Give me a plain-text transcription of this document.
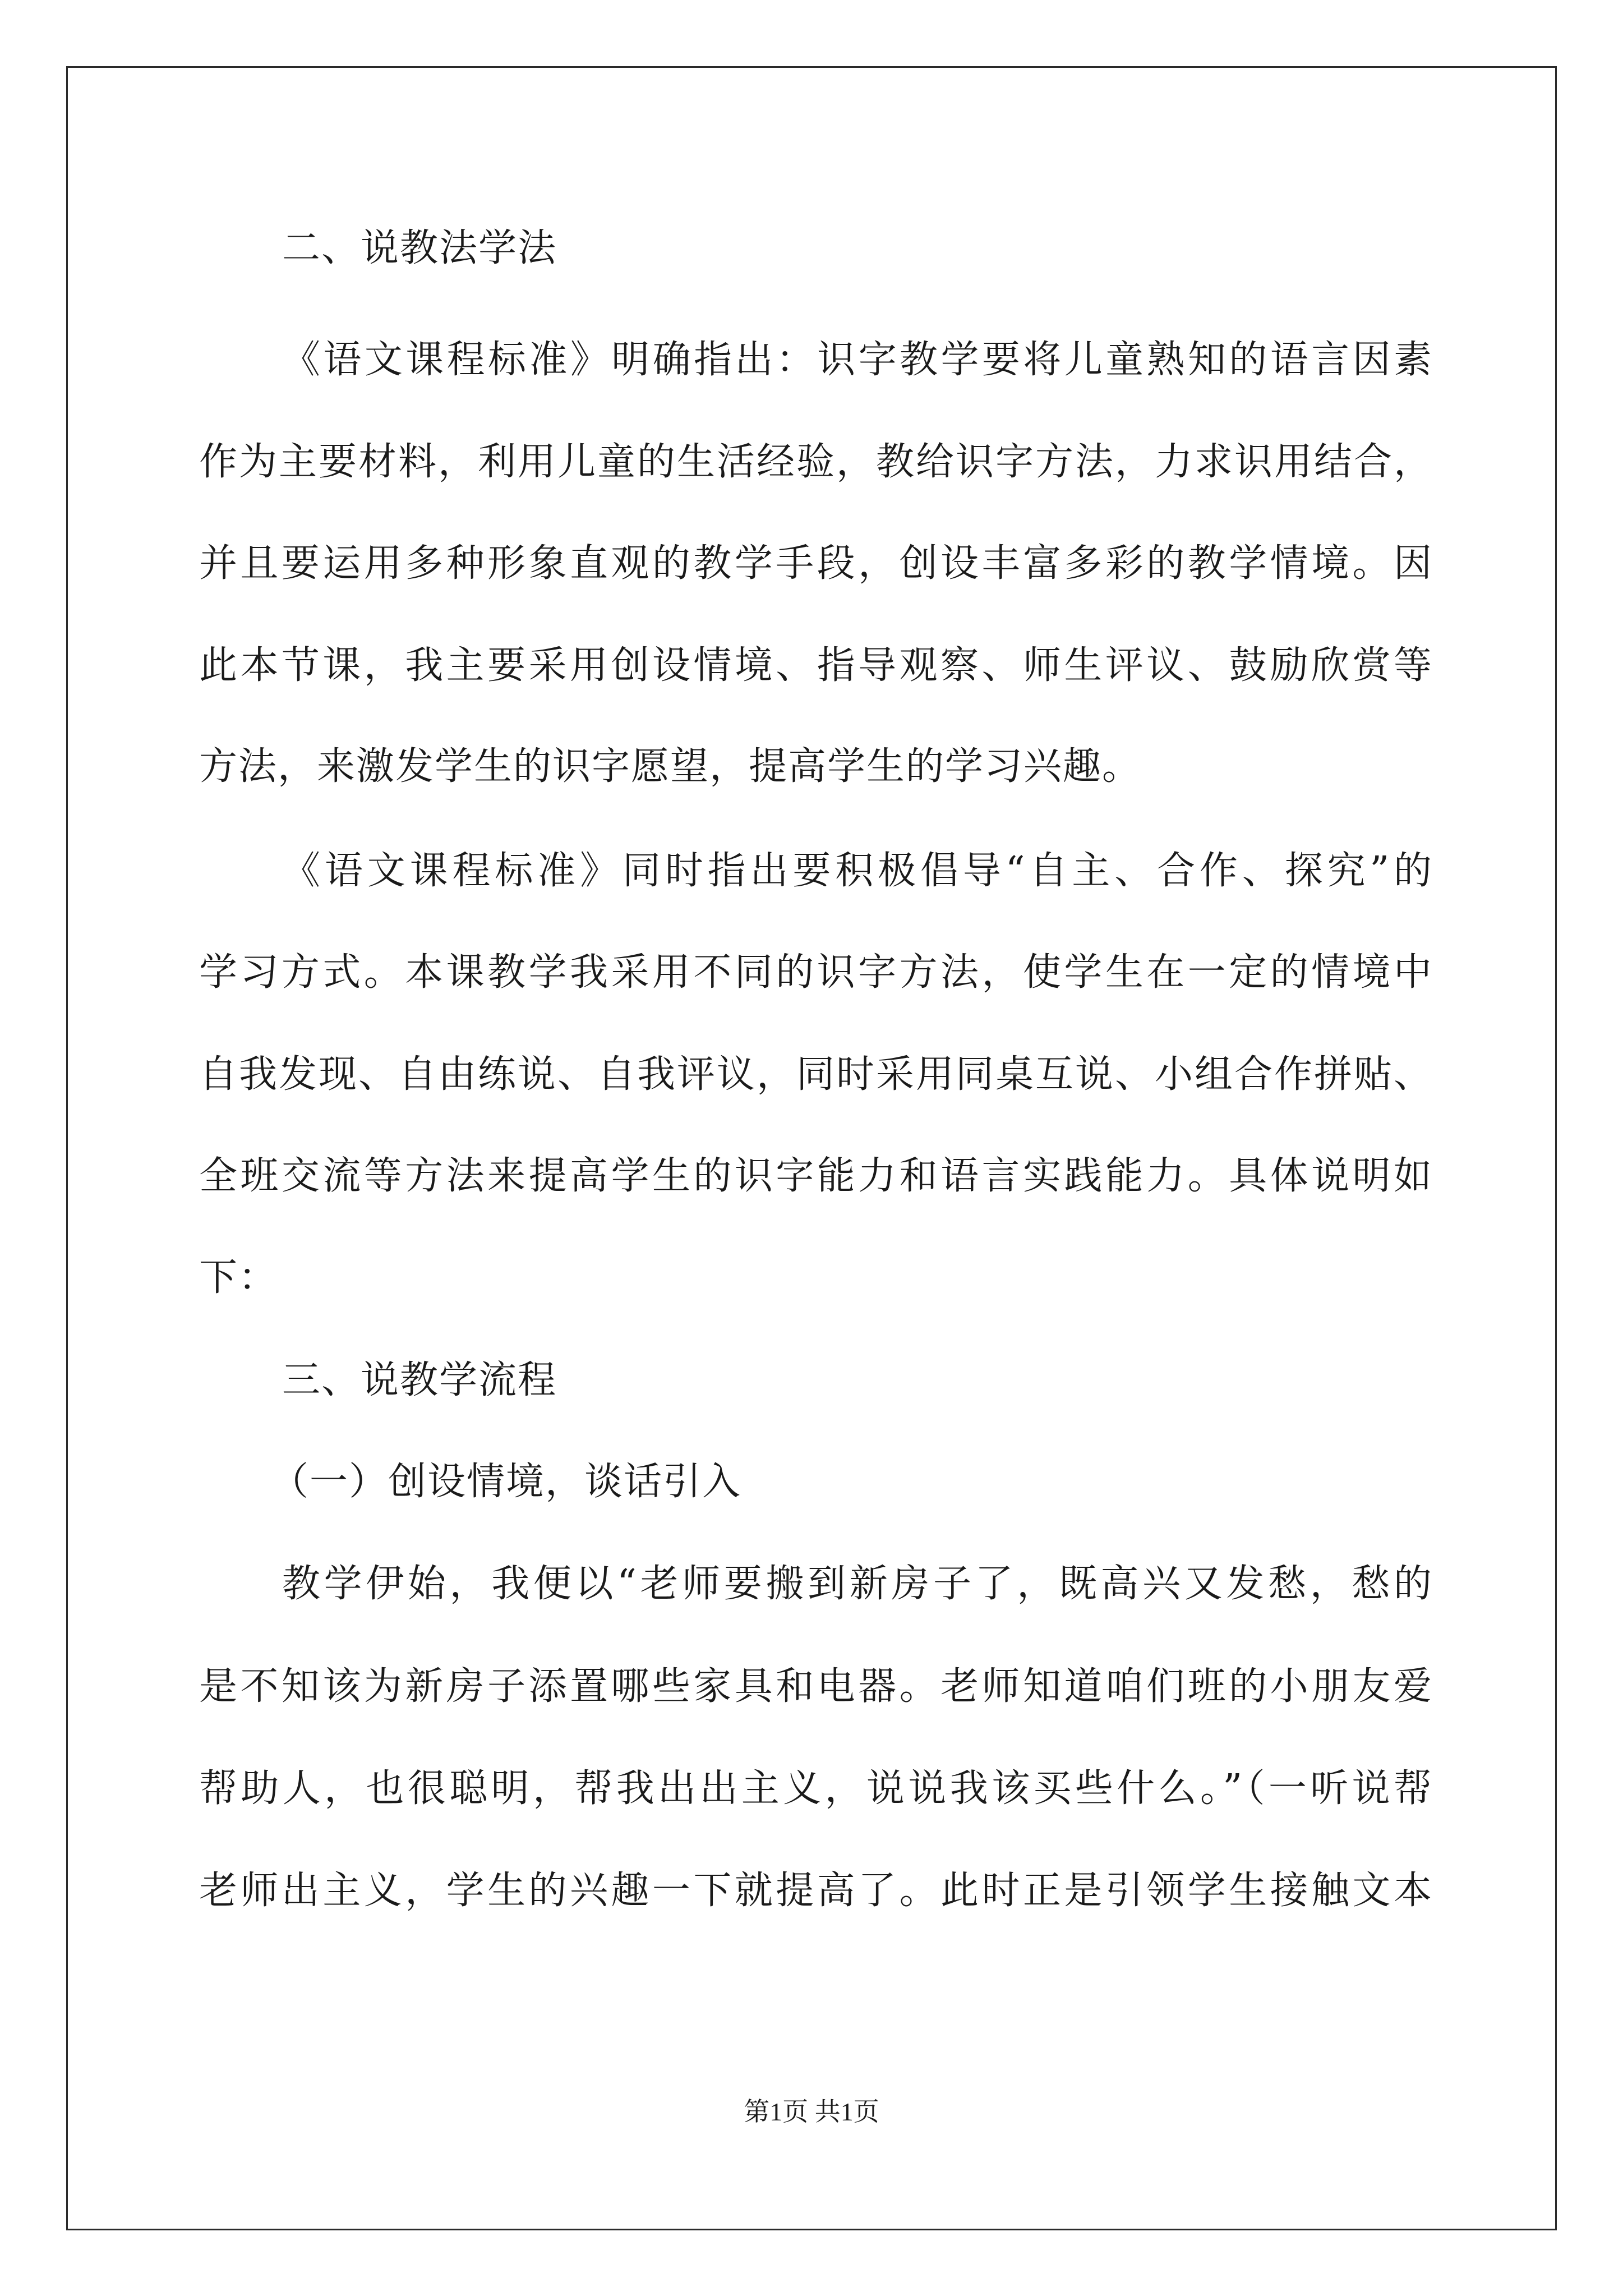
二、说教法学法
《语文课程标准》明确指出：识字教学要将儿童熟知的语言因素
作为主要材料，利用儿童的生活经验，教给识字方法，力求识用结合，
并且要运用多种形象直观的教学手段，创设丰富多彩的教学情境。因
此本节课，我主要采用创设情境、指导观察、师生评议、鼓励欣赏等
方法，来激发学生的识字愿望，提高学生的学习兴趣。
《语文课程标准》同时指出要积极倡导“自主、合作、探究”的
学习方式。本课教学我采用不同的识字方法，使学生在一定的情境中
自我发现、自由练说、自我评议，同时采用同桌互说、小组合作拼贴、
全班交流等方法来提高学生的识字能力和语言实践能力。具体说明如
下：
三、说教学流程
（一）创设情境，谈话引入
教学伊始，我便以“老师要搬到新房子了，既高兴又发愁，愁的
是不知该为新房子添置哪些家具和电器。老师知道咱们班的小朋友爱
帮助人，也很聪明，帮我出出主义，说说我该买些什么。”（一听说帮
老师出主义，学生的兴趣一下就提高了。此时正是引领学生接触文本
第1页 共1页
